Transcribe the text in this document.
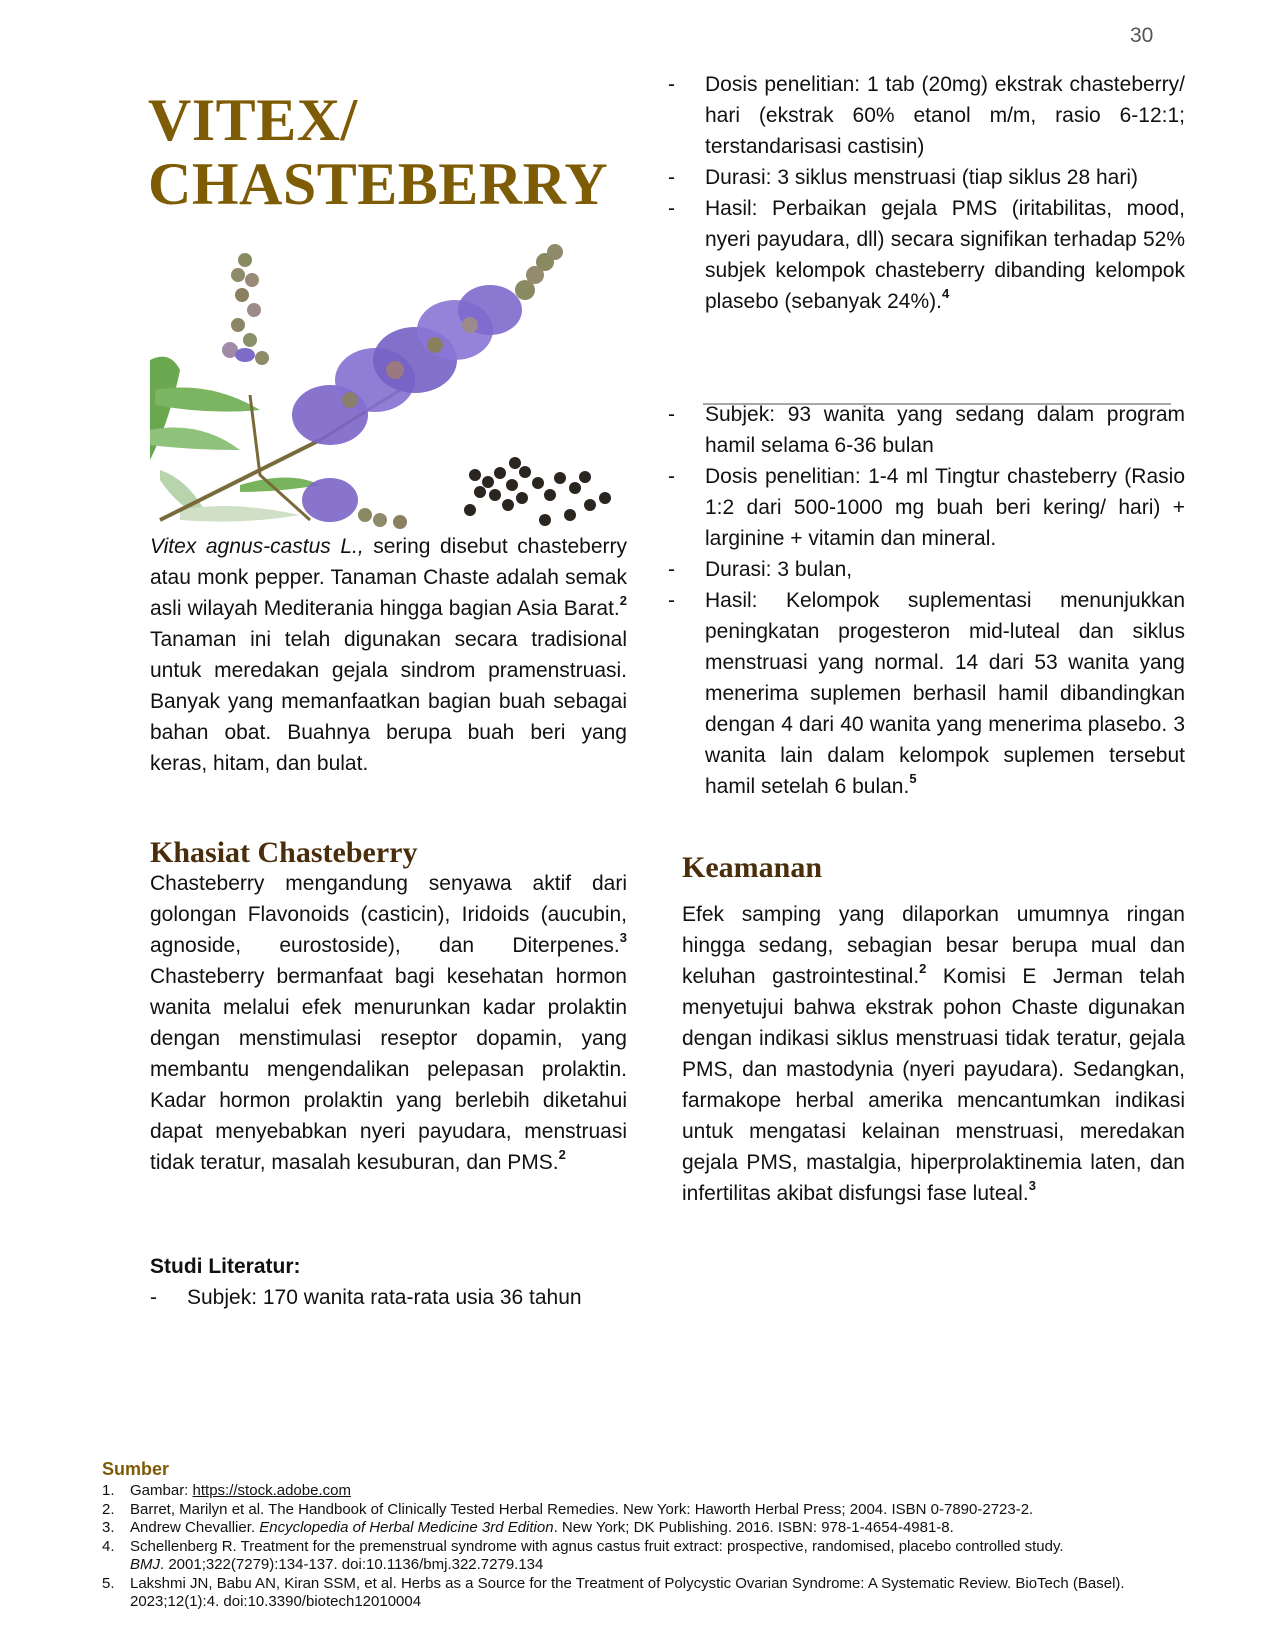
30
VITEX/
CHASTEBERRY

Vitex agnus-castus L., sering disebut chasteberry atau monk pepper. Tanaman Chaste adalah semak asli wilayah Mediterania hingga bagian Asia Barat.$^2$ Tanaman ini telah digunakan secara tradisional untuk meredakan gejala sindrom pramenstruasi. Banyak yang memanfaatkan bagian buah sebagai bahan obat. Buahnya berupa buah beri yang keras, hitam, dan bulat.

Khasiat Chasteberry

Chasteberry mengandung senyawa aktif dari golongan Flavonoids (casticin), Iridoids (aucubin, agnoside, eurostoside), dan Diterpenes.$^3$ Chasteberry bermanfaat bagi kesehatan hormon wanita melalui efek menurunkan kadar prolaktin dengan menstimulasi reseptor dopamin, yang membantu mengendalikan pelepasan prolaktin. Kadar hormon prolaktin yang berlebih diketahui dapat menyebabkan nyeri payudara, menstruasi tidak teratur, masalah kesuburan, dan PMS.$^2$

Studi Literatur:

- Subjek: 170 wanita rata-rata usia 36 tahun
- Dosis penelitian: 1 tab (20mg) ekstrak chasteberry/ hari (ekstrak 60% etanol m/m, rasio 6-12:1; terstandarisasi castisin)
- Durasi: 3 siklus menstruasi (tiap siklus 28 hari)
- Hasil: Perbaikan gejala PMS (iritabilitas, mood, nyeri payudara, dll) secara signifikan terhadap 52% subjek kelompok chasteberry dibanding kelompok plasebo (sebanyak 24%).$^4$
- Subjek: 93 wanita yang sedang dalam program hamil selama 6-36 bulan
- Dosis penelitian: 1-4 ml Tingtur chasteberry (Rasio 1:2 dari 500-1000 mg buah beri kering/ hari) + larginine + vitamin dan mineral.
- Durasi: 3 bulan,
- Hasil: Kelompok suplementasi menunjukkan peningkatan progesteron mid-luteal dan siklus menstruasi yang normal. 14 dari 53 wanita yang menerima suplemen berhasil hamil dibandingkan dengan 4 dari 40 wanita yang menerima plasebo. 3 wanita lain dalam kelompok suplemen tersebut hamil setelah 6 bulan.$^5$
Keamanan

Efek samping yang dilaporkan umumnya ringan hingga sedang, sebagian besar berupa mual dan keluhan gastrointestinal.$^2$ Komisi E Jerman telah menyetujui bahwa ekstrak pohon Chaste digunakan dengan indikasi siklus menstruasi tidak teratur, gejala PMS, dan mastodynia (nyeri payudara). Sedangkan, farmakope herbal amerika mencantumkan indikasi untuk mengatasi kelainan menstruasi, meredakan gejala PMS, mastalgia, hiperprolaktinemia laten, dan infertilitas akibat disfungsi fase luteal.$^3$

Sumber

1. Gambar: https://stock.adobe.com
2. Barret, Marilyn et al. The Handbook of Clinically Tested Herbal Remedies. New York: Haworth Herbal Press; 2004. ISBN 0-7890-2723-2.
3. Andrew Chevallier. Encyclopedia of Herbal Medicine 3rd Edition. New York; DK Publishing. 2016. ISBN: 978-1-4654-4981-8.
4. Schellenberg R. Treatment for the premenstrual syndrome with agnus castus fruit extract: prospective, randomised, placebo controlled study.
BMJ. 2001;322(7279):134-137. doi:10.1136/bmj.322.7279.134
5. Lakshmi JN, Babu AN, Kiran SSM, et al. Herbs as a Source for the Treatment of Polycystic Ovarian Syndrome: A Systematic Review. BioTech (Basel). 2023;12(1):4. doi:10.3390/biotech12010004
